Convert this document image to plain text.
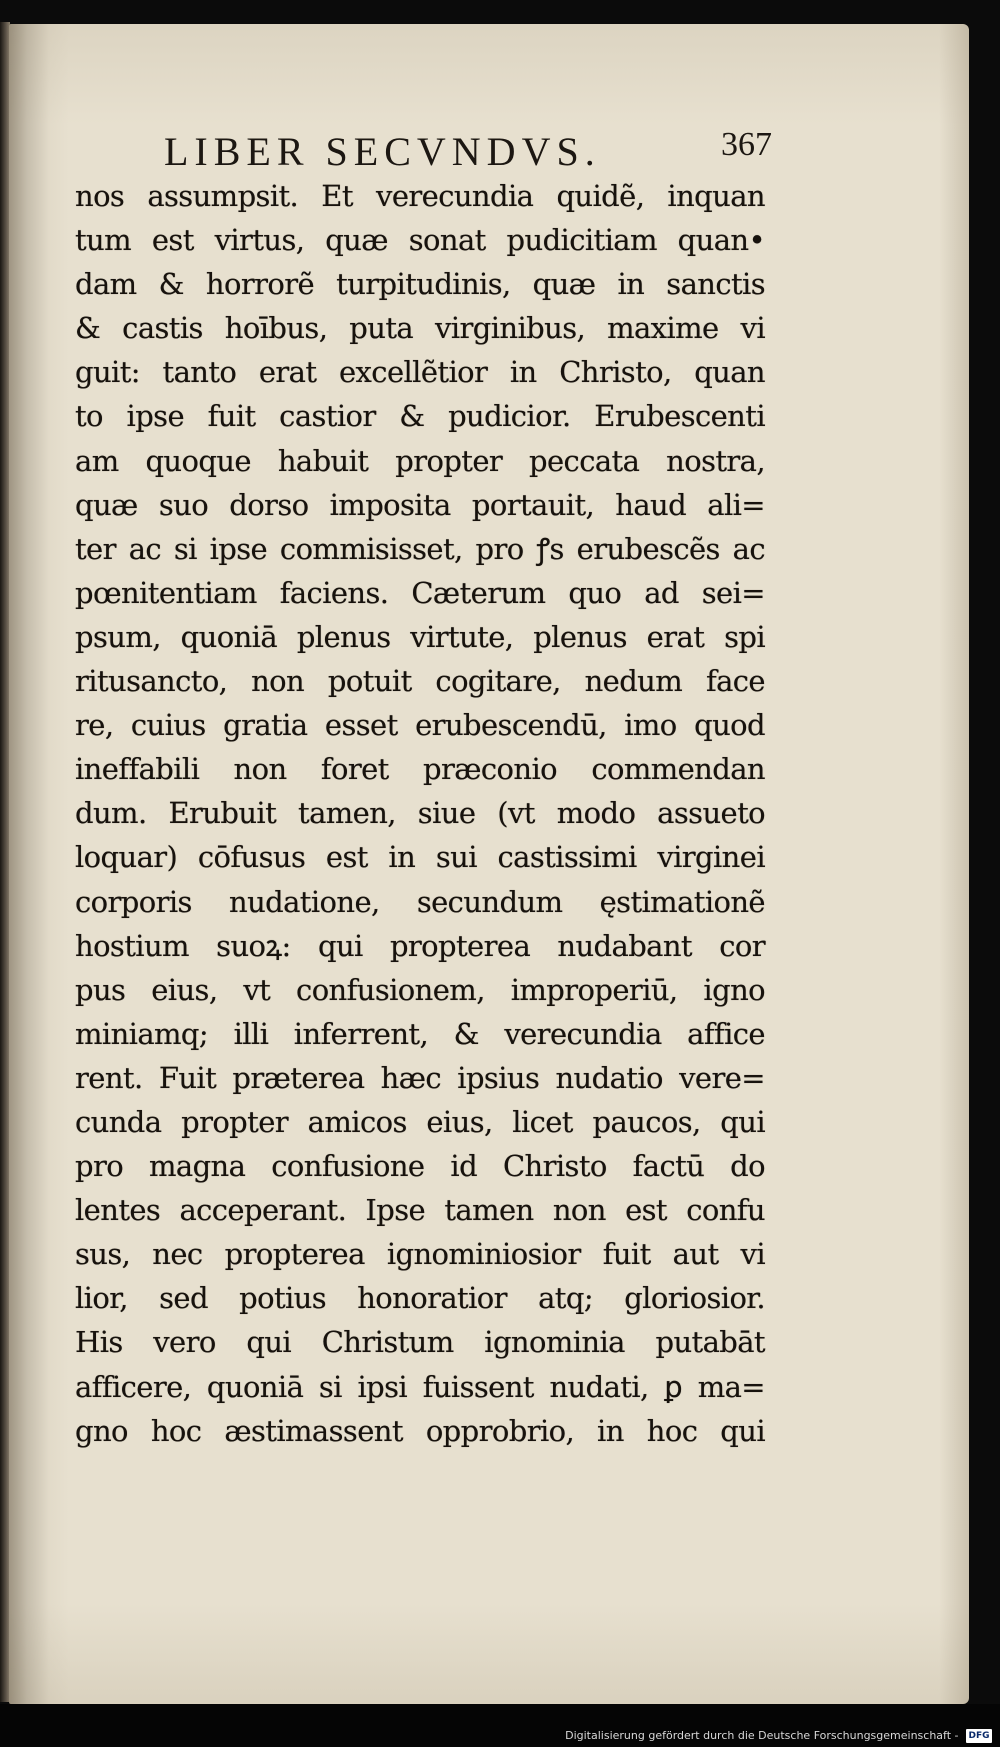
LIBER SECVNDVS.	367
nos assumpsit. Et verecundia quidẽ, inquan
tum est virtus, quæ sonat pudicitiam quan•
dam & horrorẽ turpitudinis, quæ in sanctis
& castis hoībus, puta virginibus, maxime vi
guit: tanto erat excellẽtior in Christo, quan
to ipse fuit castior & pudicior. Erubescenti
am quoque habuit propter peccata nostra,
quæ suo dorso imposita portauit, haud ali=
ter ac si ipse commisisset, pro ꝭs erubescẽs ac
pœnitentiam faciens. Cæterum quo ad sei=
psum, quoniā plenus virtute, plenus erat spi
ritusancto, non potuit cogitare, nedum face
re, cuius gratia esset erubescendū, imo quod
ineffabili non foret præconio commendan
dum. Erubuit tamen, siue (vt modo assueto
loquar) cōfusus est in sui castissimi virginei
corporis nudatione, secundum ęstimationẽ
hostium suoꝝ: qui propterea nudabant cor
pus eius, vt confusionem, improperiū, igno
miniamq; illi inferrent, & verecundia affice
rent. Fuit præterea hæc ipsius nudatio vere=
cunda propter amicos eius, licet paucos, qui
pro magna confusione id Christo factū do
lentes acceperant. Ipse tamen non est confu
sus, nec propterea ignominiosior fuit aut vi
lior, sed potius honoratior atq; gloriosior.
His vero qui Christum ignominia putabāt
afficere, quoniā si ipsi fuissent nudati, ꝑ ma=
gno hoc æstimassent opprobrio, in hoc qui
Digitalisierung gefördert durch die Deutsche Forschungsgemeinschaft - DFG
